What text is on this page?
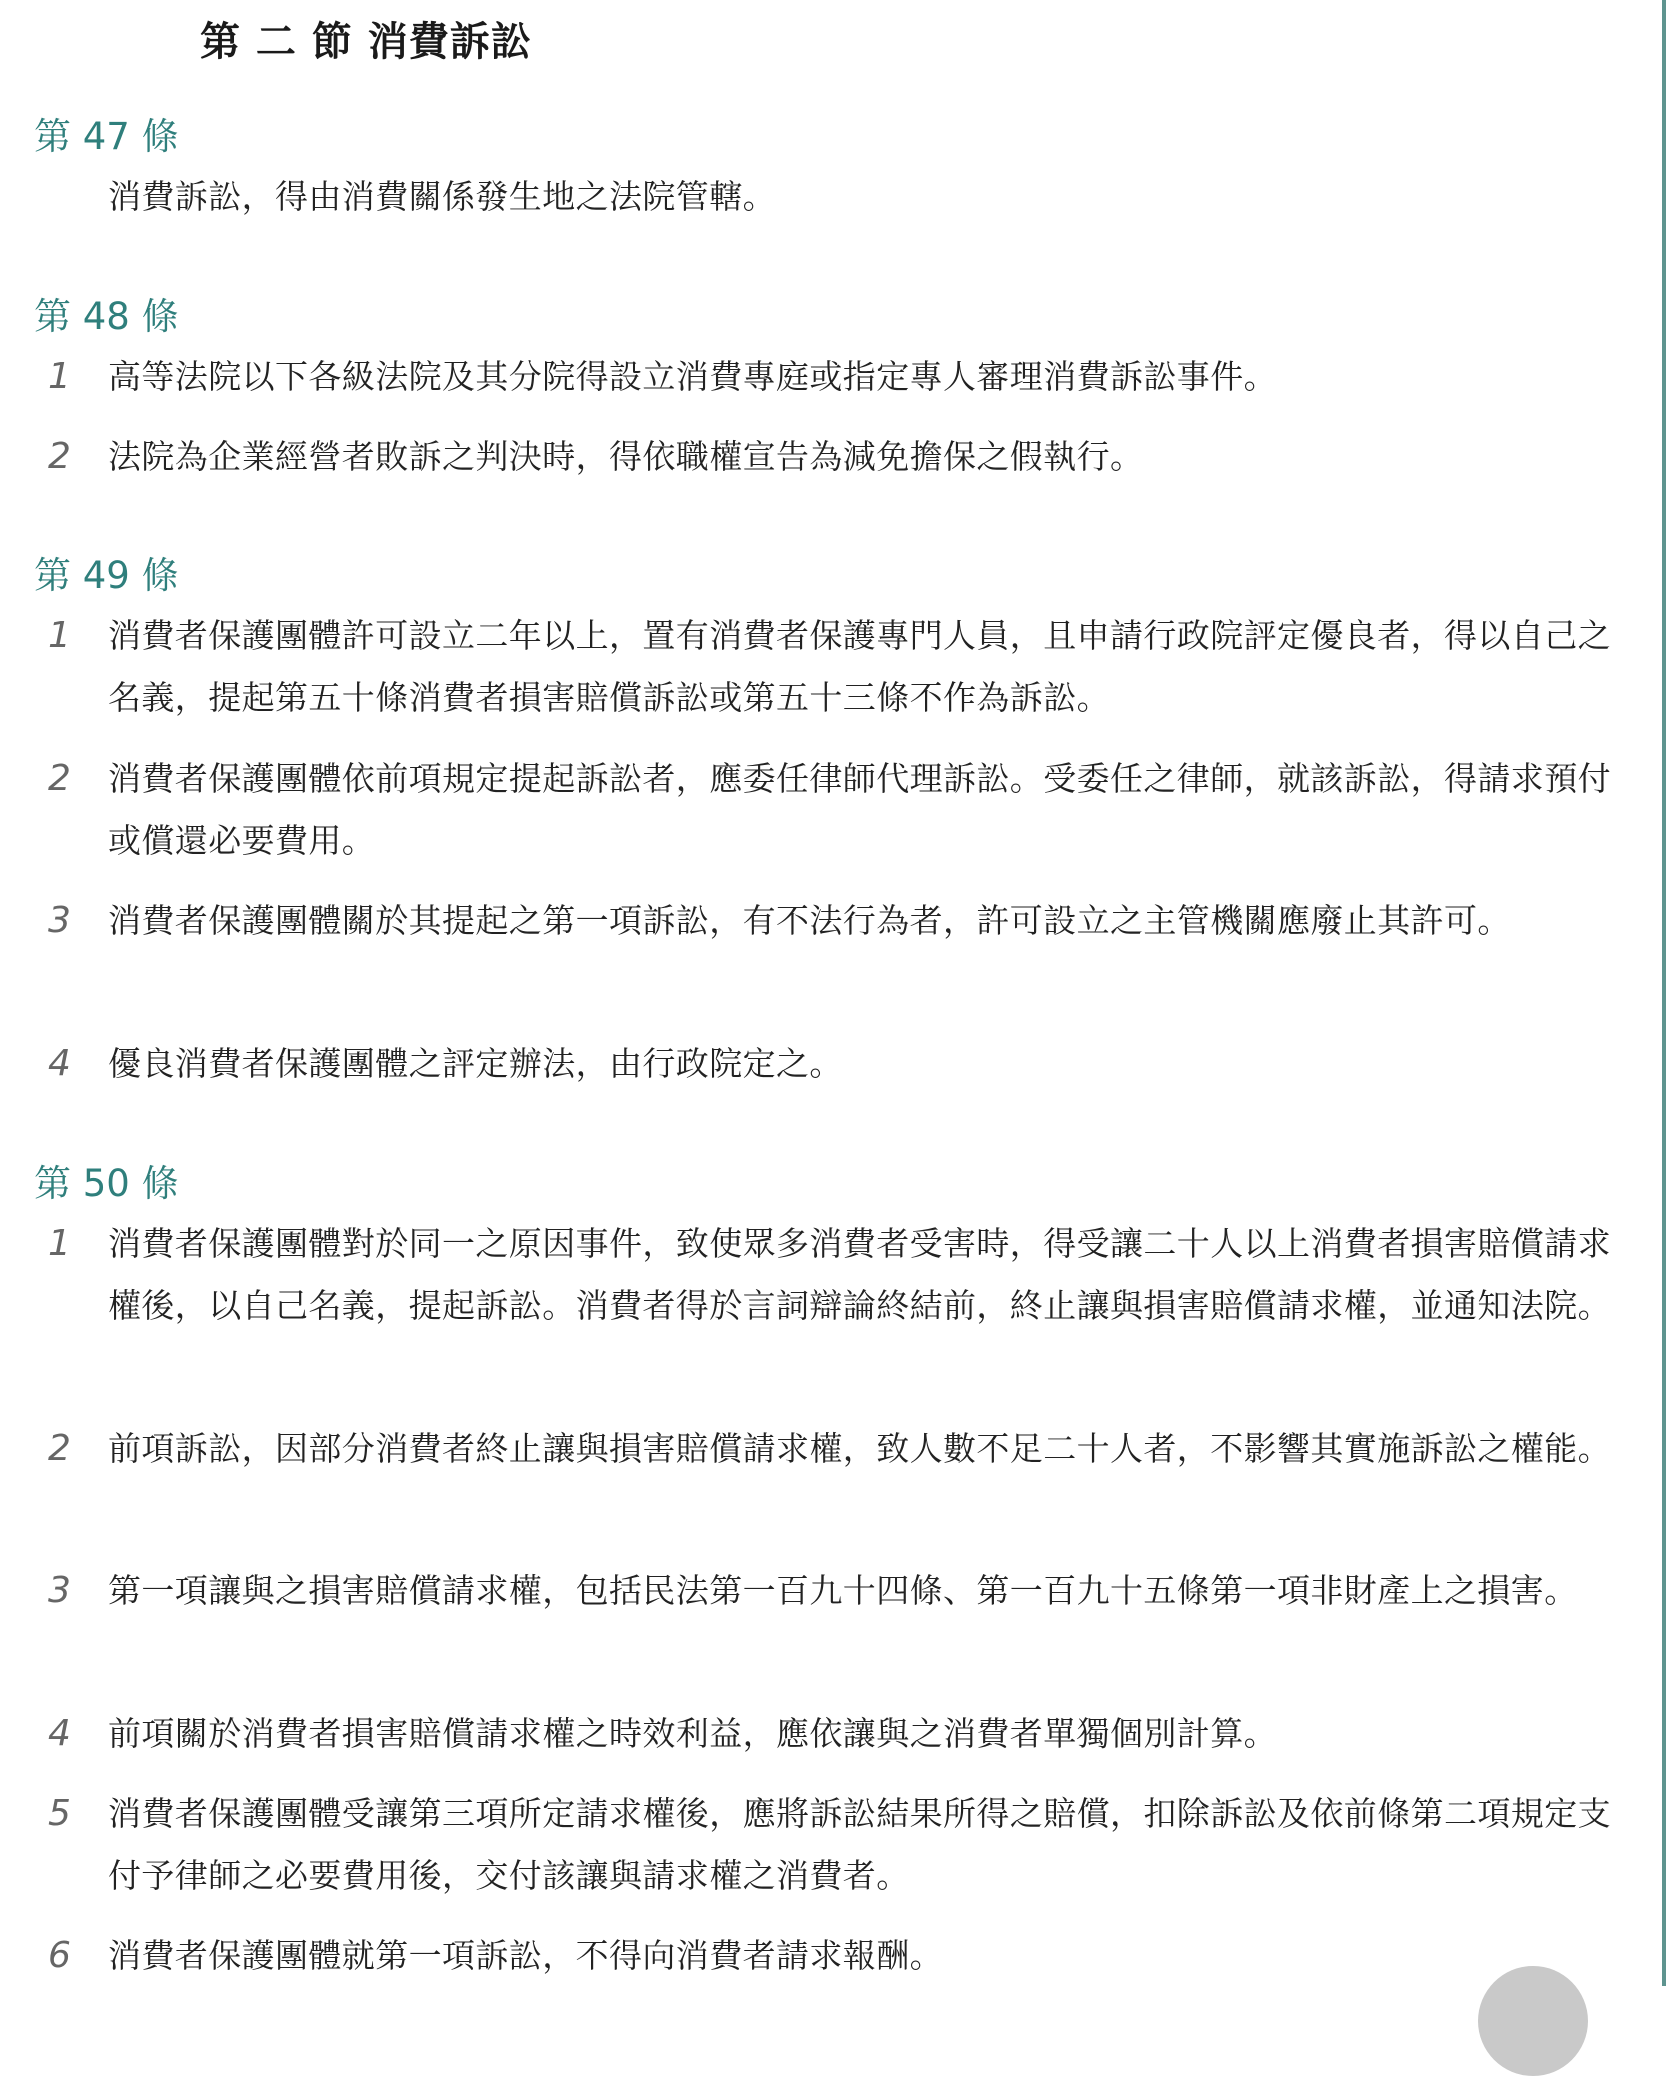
第 二 節 消費訴訟
第 47 條
消費訴訟，得由消費關係發生地之法院管轄。
第 48 條
1 高等法院以下各級法院及其分院得設立消費專庭或指定專人審理消費訴訟事件。
2 法院為企業經營者敗訴之判決時，得依職權宣告為減免擔保之假執行。
第 49 條
1 消費者保護團體許可設立二年以上，置有消費者保護專門人員，且申請行政院評定優良者，得以自己之名義，提起第五十條消費者損害賠償訴訟或第五十三條不作為訴訟。
2 消費者保護團體依前項規定提起訴訟者，應委任律師代理訴訟。受委任之律師，就該訴訟，得請求預付或償還必要費用。
3 消費者保護團體關於其提起之第一項訴訟，有不法行為者，許可設立之主管機關應廢止其許可。
4 優良消費者保護團體之評定辦法，由行政院定之。
第 50 條
1 消費者保護團體對於同一之原因事件，致使眾多消費者受害時，得受讓二十人以上消費者損害賠償請求權後，以自己名義，提起訴訟。消費者得於言詞辯論終結前，終止讓與損害賠償請求權，並通知法院。
2 前項訴訟，因部分消費者終止讓與損害賠償請求權，致人數不足二十人者，不影響其實施訴訟之權能。
3 第一項讓與之損害賠償請求權，包括民法第一百九十四條、第一百九十五條第一項非財產上之損害。
4 前項關於消費者損害賠償請求權之時效利益，應依讓與之消費者單獨個別計算。
5 消費者保護團體受讓第三項所定請求權後，應將訴訟結果所得之賠償，扣除訴訟及依前條第二項規定支付予律師之必要費用後，交付該讓與請求權之消費者。
6 消費者保護團體就第一項訴訟，不得向消費者請求報酬。
